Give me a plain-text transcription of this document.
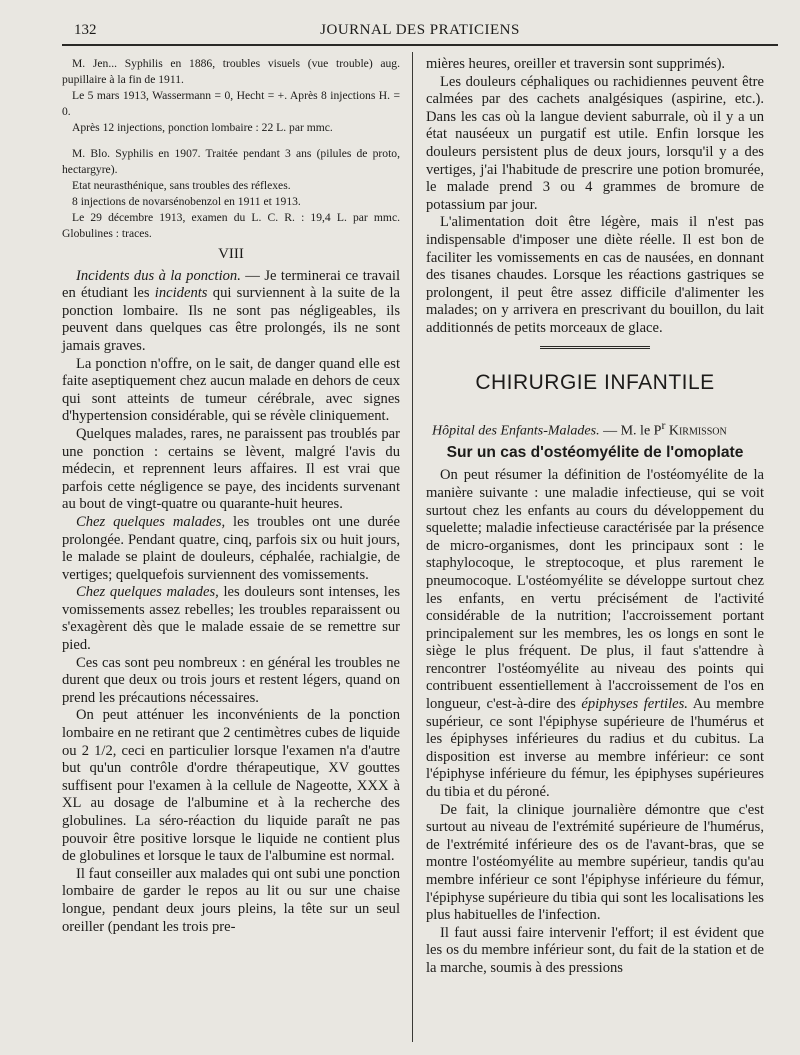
132	JOURNAL DES PRATICIENS

M. Jen... Syphilis en 1886, troubles visuels (vue trouble) aug. pupillaire à la fin de 1911.

Le 5 mars 1913, Wassermann = 0, Hecht = +. Après 8 injections H. = 0.

Après 12 injections, ponction lombaire : 22 L. par mmc.

M. Blo. Syphilis en 1907. Traitée pendant 3 ans (pilules de proto, hectargyre).

Etat neurasthénique, sans troubles des réflexes.

8 injections de novarsénobenzol en 1911 et 1913.

Le 29 décembre 1913, examen du L. C. R. : 19,4 L. par mmc. Globulines : traces.

VIII

Incidents dus à la ponction. — Je terminerai ce travail en étudiant les incidents qui surviennent à la suite de la ponction lombaire. Ils ne sont pas négligeables, ils peuvent dans quelques cas être prolongés, ils ne sont jamais graves.

La ponction n'offre, on le sait, de danger quand elle est faite aseptiquement chez aucun malade en dehors de ceux qui sont atteints de tumeur cérébrale, avec signes d'hypertension considérable, qui se révèle cliniquement.

Quelques malades, rares, ne paraissent pas troublés par une ponction : certains se lèvent, malgré l'avis du médecin, et reprennent leurs affaires. Il est vrai que parfois cette négligence se paye, des incidents survenant au bout de vingt-quatre ou quarante-huit heures.

Chez quelques malades, les troubles ont une durée prolongée. Pendant quatre, cinq, parfois six ou huit jours, le malade se plaint de douleurs, céphalée, rachialgie, de vertiges; quelquefois surviennent des vomissements.

Chez quelques malades, les douleurs sont intenses, les vomissements assez rebelles; les troubles reparaissent ou s'exagèrent dès que le malade essaie de se remettre sur pied.

Ces cas sont peu nombreux : en général les troubles ne durent que deux ou trois jours et restent légers, quand on prend les précautions nécessaires.

On peut atténuer les inconvénients de la ponction lombaire en ne retirant que 2 centimètres cubes de liquide ou 2 1/2, ceci en particulier lorsque l'examen n'a d'autre but qu'un contrôle d'ordre thérapeutique, XV gouttes suffisent pour l'examen à la cellule de Nageotte, XXX à XL au dosage de l'albumine et à la recherche des globulines. La séro-réaction du liquide paraît ne pas pouvoir être positive lorsque le liquide ne contient plus de globulines et lorsque le taux de l'albumine est normal.

Il faut conseiller aux malades qui ont subi une ponction lombaire de garder le repos au lit ou sur une chaise longue, pendant deux jours pleins, la tête sur un seul oreiller (pendant les trois pre-

mières heures, oreiller et traversin sont supprimés).

Les douleurs céphaliques ou rachidiennes peuvent être calmées par des cachets analgésiques (aspirine, etc.). Dans les cas où la langue devient saburrale, où il y a un état nauséeux un purgatif est utile. Enfin lorsque les douleurs persistent plus de deux jours, lorsqu'il y a des vertiges, j'ai l'habitude de prescrire une potion bromurée, le malade prend 3 ou 4 grammes de bromure de potassium par jour.

L'alimentation doit être légère, mais il n'est pas indispensable d'imposer une diète réelle. Il est bon de faciliter les vomissements en cas de nausées, en donnant des tisanes chaudes. Lorsque les réactions gastriques se prolongent, il peut être assez difficile d'alimenter les malades; on y arrivera en prescrivant du bouillon, du lait additionnés de petits morceaux de glace.

CHIRURGIE INFANTILE

Hôpital des Enfants-Malades. — M. le $P^r$ Kirmisson

Sur un cas d'ostéomyélite de l'omoplate

On peut résumer la définition de l'ostéomyélite de la manière suivante : une maladie infectieuse, qui se voit surtout chez les enfants au cours du développement du squelette; maladie infectieuse caractérisée par la présence de micro-organismes, dont les principaux sont : le staphylocoque, le streptocoque, et plus rarement le pneumocoque. L'ostéomyélite se développe surtout chez les enfants, en vertu précisément de l'activité considérable de la nutrition; l'accroissement portant principalement sur les membres, les os longs en sont le siège le plus fréquent. De plus, il faut s'attendre à rencontrer l'ostéomyélite au niveau des points qui contribuent essentiellement à l'accroissement de l'os en longueur, c'est-à-dire des épiphyses fertiles. Au membre supérieur, ce sont l'épiphyse supérieure de l'humérus et les épiphyses inférieures du radius et du cubitus. La disposition est inverse au membre inférieur: ce sont l'épiphyse inférieure du fémur, les épiphyses supérieures du tibia et du péroné.

De fait, la clinique journalière démontre que c'est surtout au niveau de l'extrémité supérieure de l'humérus, de l'extrémité inférieure des os de l'avant-bras, que se montre l'ostéomyélite au membre supérieur, tandis qu'au membre inférieur ce sont l'épiphyse inférieure du fémur, l'épiphyse supérieure du tibia qui sont les localisations les plus habituelles de l'infection.

Il faut aussi faire intervenir l'effort; il est évident que les os du membre inférieur sont, du fait de la station et de la marche, soumis à des pressions
